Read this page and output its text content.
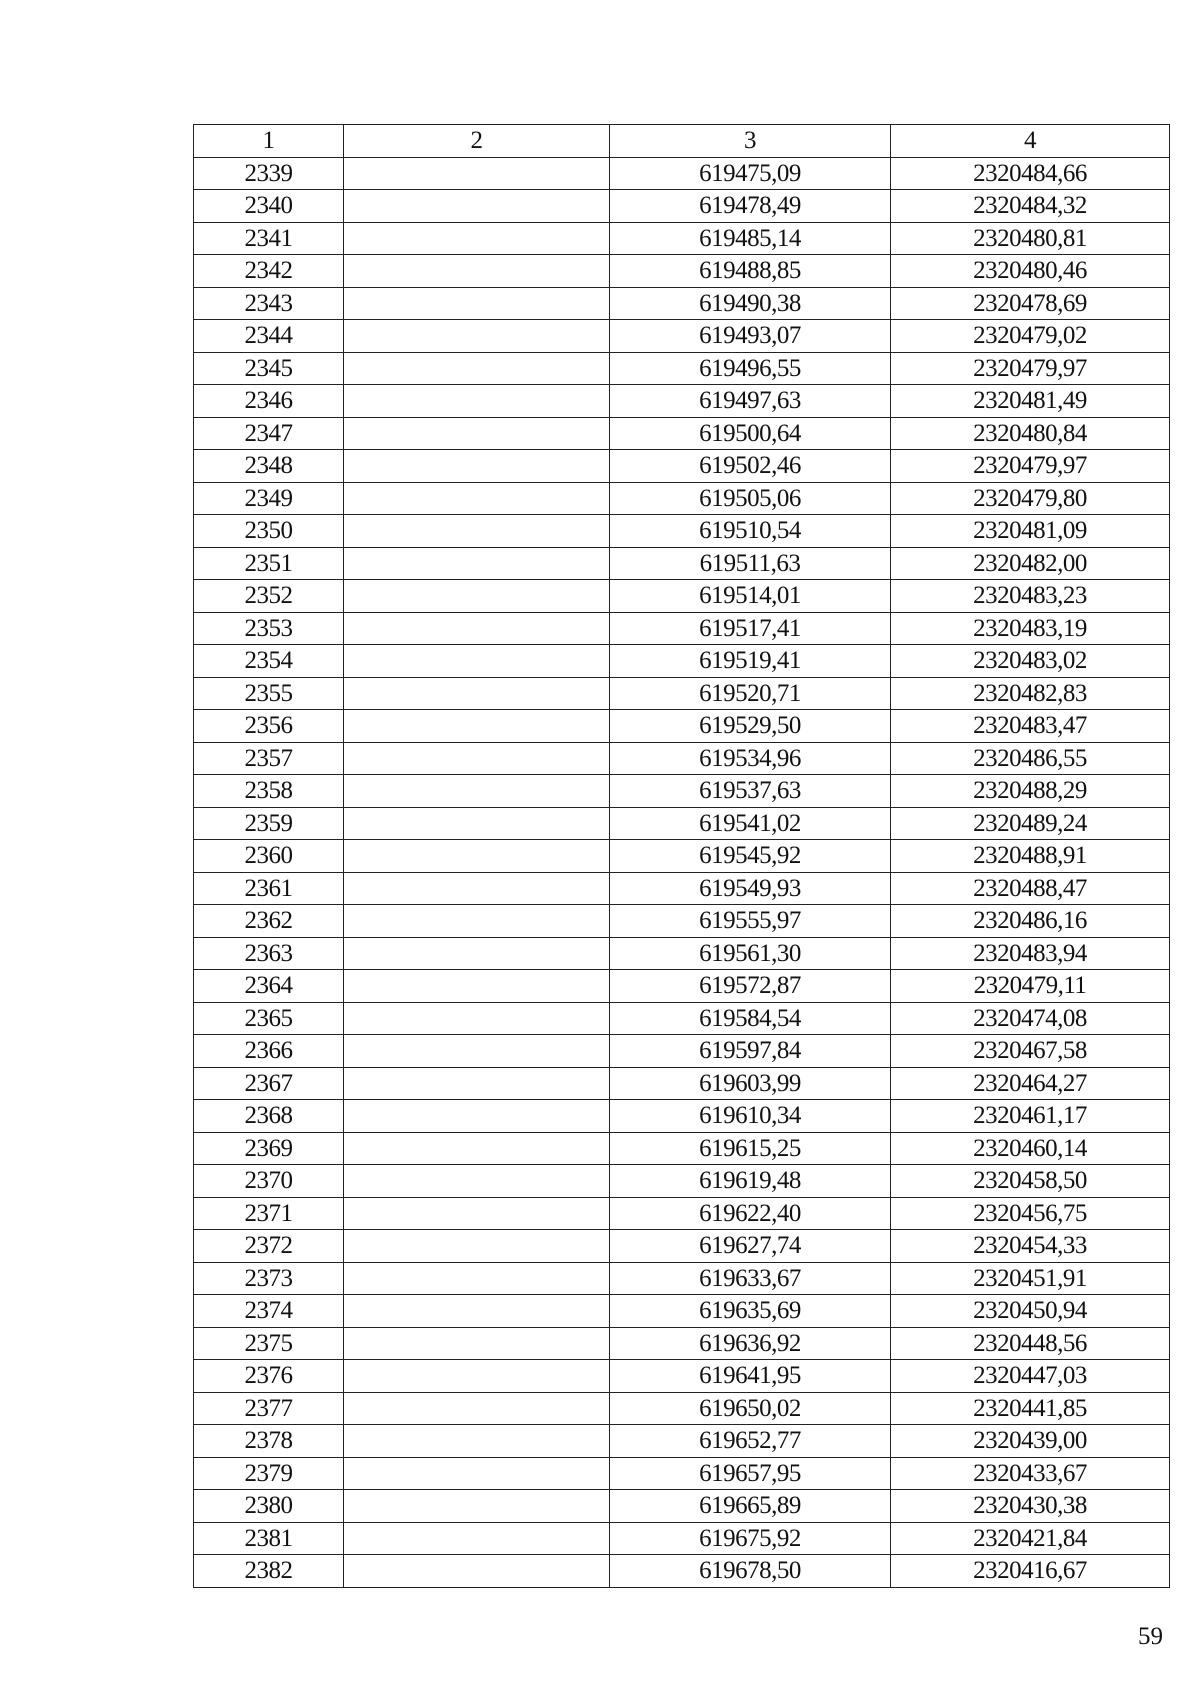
1	2	3	4
2339		619475,09	2320484,66
2340		619478,49	2320484,32
2341		619485,14	2320480,81
2342		619488,85	2320480,46
2343		619490,38	2320478,69
2344		619493,07	2320479,02
2345		619496,55	2320479,97
2346		619497,63	2320481,49
2347		619500,64	2320480,84
2348		619502,46	2320479,97
2349		619505,06	2320479,80
2350		619510,54	2320481,09
2351		619511,63	2320482,00
2352		619514,01	2320483,23
2353		619517,41	2320483,19
2354		619519,41	2320483,02
2355		619520,71	2320482,83
2356		619529,50	2320483,47
2357		619534,96	2320486,55
2358		619537,63	2320488,29
2359		619541,02	2320489,24
2360		619545,92	2320488,91
2361		619549,93	2320488,47
2362		619555,97	2320486,16
2363		619561,30	2320483,94
2364		619572,87	2320479,11
2365		619584,54	2320474,08
2366		619597,84	2320467,58
2367		619603,99	2320464,27
2368		619610,34	2320461,17
2369		619615,25	2320460,14
2370		619619,48	2320458,50
2371		619622,40	2320456,75
2372		619627,74	2320454,33
2373		619633,67	2320451,91
2374		619635,69	2320450,94
2375		619636,92	2320448,56
2376		619641,95	2320447,03
2377		619650,02	2320441,85
2378		619652,77	2320439,00
2379		619657,95	2320433,67
2380		619665,89	2320430,38
2381		619675,92	2320421,84
2382		619678,50	2320416,67
59
